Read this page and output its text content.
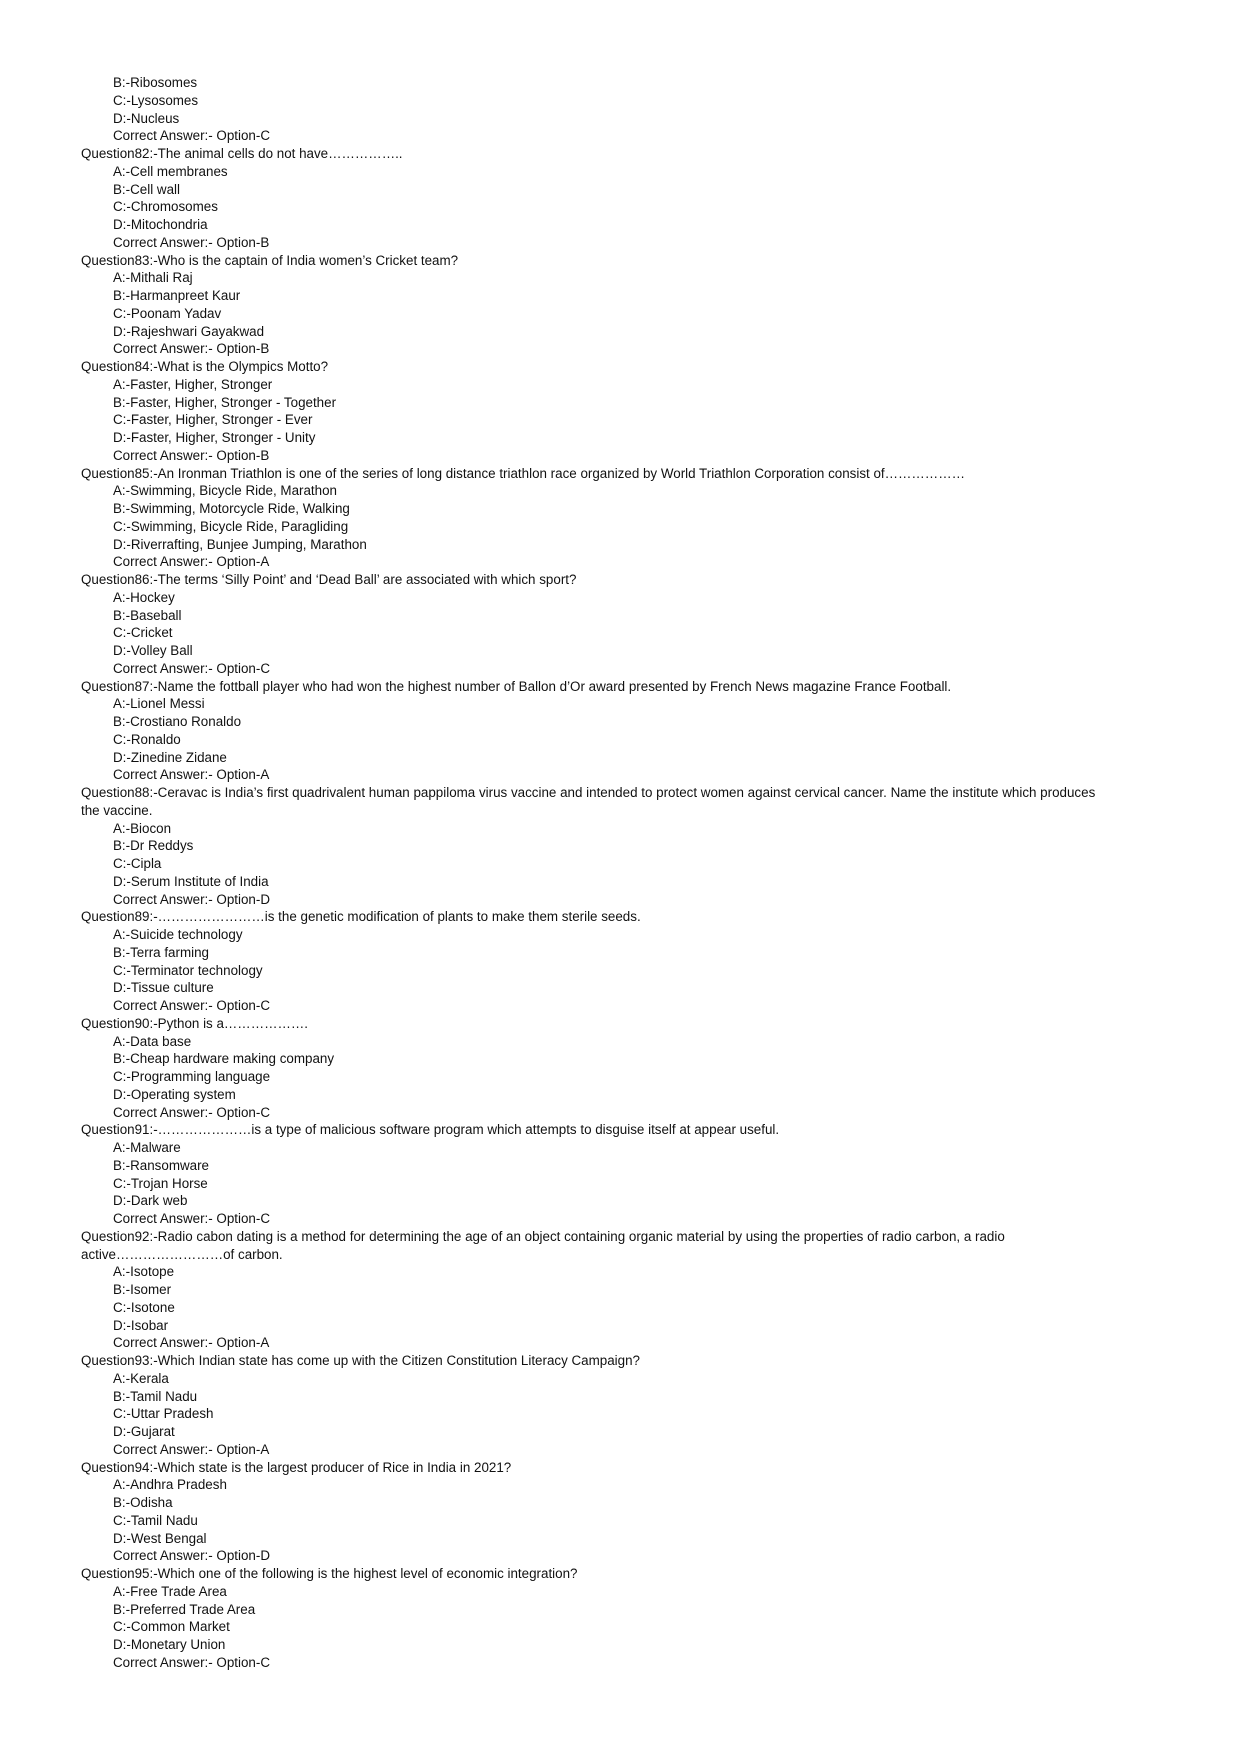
B:-Ribosomes
C:-Lysosomes
D:-Nucleus
Correct Answer:- Option-C
Question82:-The animal cells do not have……………..
A:-Cell membranes
B:-Cell wall
C:-Chromosomes
D:-Mitochondria
Correct Answer:- Option-B
Question83:-Who is the captain of India women’s Cricket team?
A:-Mithali Raj
B:-Harmanpreet Kaur
C:-Poonam Yadav
D:-Rajeshwari Gayakwad
Correct Answer:- Option-B
Question84:-What is the Olympics Motto?
A:-Faster, Higher, Stronger
B:-Faster, Higher, Stronger - Together
C:-Faster, Higher, Stronger - Ever
D:-Faster, Higher, Stronger - Unity
Correct Answer:- Option-B
Question85:-An Ironman Triathlon is one of the series of long distance triathlon race organized by World Triathlon Corporation consist of………………
A:-Swimming, Bicycle Ride, Marathon
B:-Swimming, Motorcycle Ride, Walking
C:-Swimming, Bicycle Ride, Paragliding
D:-Riverrafting, Bunjee Jumping, Marathon
Correct Answer:- Option-A
Question86:-The terms ‘Silly Point’ and ‘Dead Ball’ are associated with which sport?
A:-Hockey
B:-Baseball
C:-Cricket
D:-Volley Ball
Correct Answer:- Option-C
Question87:-Name the fottball player who had won the highest number of Ballon d’Or award presented by French News magazine France Football.
A:-Lionel Messi
B:-Crostiano Ronaldo
C:-Ronaldo
D:-Zinedine Zidane
Correct Answer:- Option-A
Question88:-Ceravac is India’s first quadrivalent human pappiloma virus vaccine and intended to protect women against cervical cancer. Name the institute which produces the vaccine.
A:-Biocon
B:-Dr Reddys
C:-Cipla
D:-Serum Institute of India
Correct Answer:- Option-D
Question89:-……………………is the genetic modification of plants to make them sterile seeds.
A:-Suicide technology
B:-Terra farming
C:-Terminator technology
D:-Tissue culture
Correct Answer:- Option-C
Question90:-Python is a……………….
A:-Data base
B:-Cheap hardware making company
C:-Programming language
D:-Operating system
Correct Answer:- Option-C
Question91:-…………………is a type of malicious software program which attempts to disguise itself at appear useful.
A:-Malware
B:-Ransomware
C:-Trojan Horse
D:-Dark web
Correct Answer:- Option-C
Question92:-Radio cabon dating is a method for determining the age of an object containing organic material by using the properties of radio carbon, a radio active……………………of carbon.
A:-Isotope
B:-Isomer
C:-Isotone
D:-Isobar
Correct Answer:- Option-A
Question93:-Which Indian state has come up with the Citizen Constitution Literacy Campaign?
A:-Kerala
B:-Tamil Nadu
C:-Uttar Pradesh
D:-Gujarat
Correct Answer:- Option-A
Question94:-Which state is the largest producer of Rice in India in 2021?
A:-Andhra Pradesh
B:-Odisha
C:-Tamil Nadu
D:-West Bengal
Correct Answer:- Option-D
Question95:-Which one of the following is the highest level of economic integration?
A:-Free Trade Area
B:-Preferred Trade Area
C:-Common Market
D:-Monetary Union
Correct Answer:- Option-C
